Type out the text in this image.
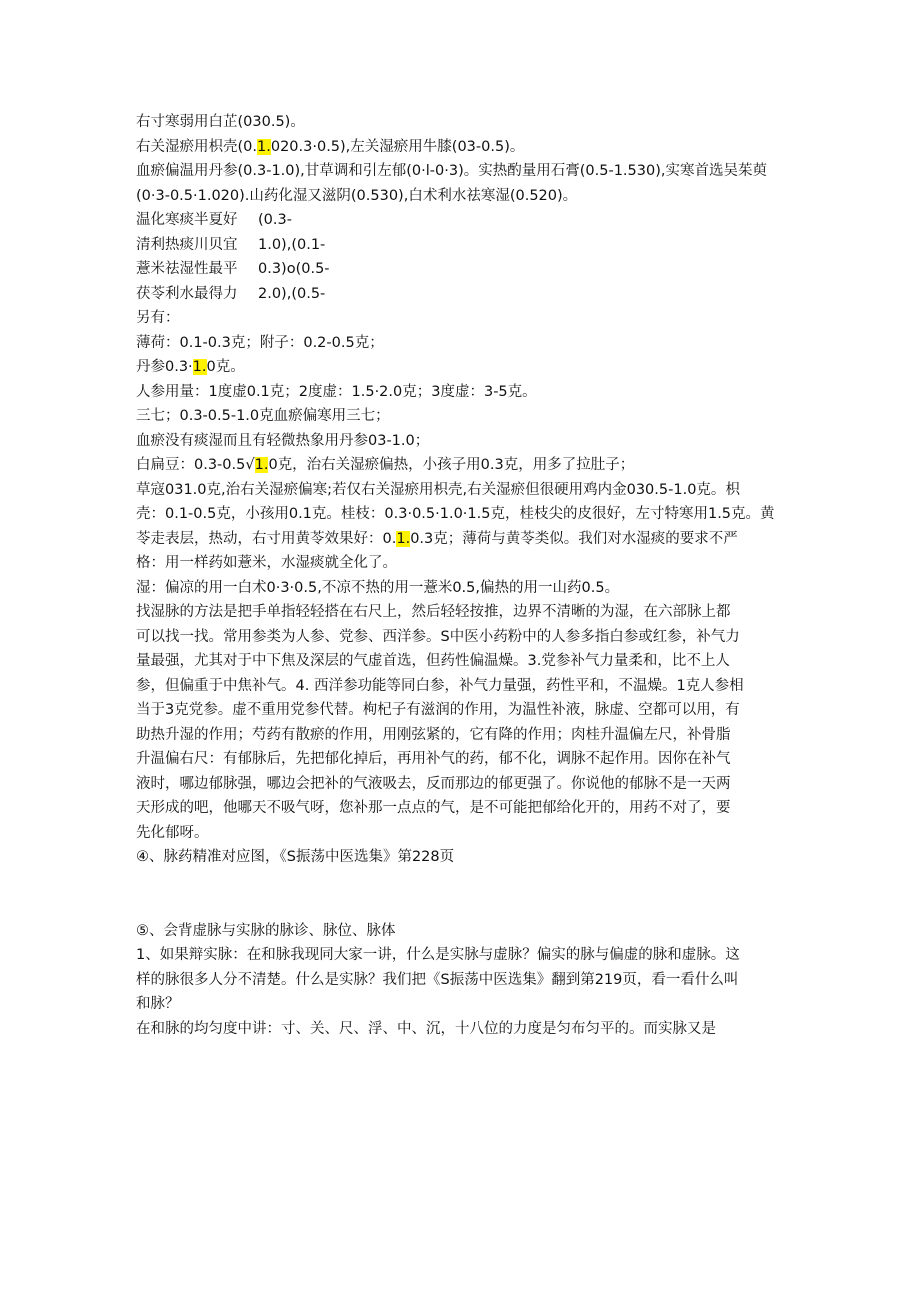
右寸寒弱用白芷(030.5)。
右关湿瘀用枳壳(0.1.020.3·0.5),左关湿瘀用牛膝(03-0.5)。
血瘀偏温用丹参(0.3-1.0),甘草调和引左郁(0·l-0·3)。实热酌量用石膏(0.5-1.530),实寒首选吴茱萸
(0·3-0.5·1.020).山药化湿又滋阴(0.530),白术利水祛寒湿(0.520)。
温化寒痰半夏好
清利热痰川贝宜
薏米祛湿性最平
茯苓利水最得力
(0.3-
1.0),(0.1-
0.3)o(0.5-
2.0),(0.5-
另有：
薄荷：0.1-0.3克；附子：0.2-0.5克；
丹参0.3·1.0克。
人参用量：1度虚0.1克；2度虚：1.5·2.0克；3度虚：3-5克。
三七；0.3-0.5-1.0克血瘀偏寒用三七；
血瘀没有痰湿而且有轻微热象用丹参03-1.0；
白扁豆：0.3-0.5√1.0克，治右关湿瘀偏热，小孩子用0.3克，用多了拉肚子；
草寇031.0克,治右关湿瘀偏寒;若仅右关湿瘀用枳壳,右关湿瘀但很硬用鸡内金030.5-1.0克。枳
壳：0.1-0.5克，小孩用0.1克。桂枝：0.3·0.5·1.0·1.5克，桂枝尖的皮很好，左寸特寒用1.5克。黄
苓走表层，热动，右寸用黄苓效果好：0.1.0.3克；薄荷与黄苓类似。我们对水湿痰的要求不严
格：用一样药如薏米，水湿痰就全化了。
湿：偏凉的用一白术0·3·0.5,不凉不热的用一薏米0.5,偏热的用一山药0.5。
找湿脉的方法是把手单指轻轻搭在右尺上，然后轻轻按推，边界不清晰的为湿，在六部脉上都
可以找一找。常用参类为人参、党参、西洋参。S中医小药粉中的人参多指白参或红参，补气力
量最强，尤其对于中下焦及深层的气虚首选，但药性偏温燥。3.党参补气力量柔和，比不上人
参，但偏重于中焦补气。4. 西洋参功能等同白参，补气力量强，药性平和，不温燥。1克人参相
当于3克党参。虚不重用党参代替。枸杞子有滋润的作用，为温性补液，脉虚、空都可以用，有
助热升湿的作用；芍药有散瘀的作用，用刚弦紧的，它有降的作用；肉桂升温偏左尺，补骨脂
升温偏右尺：有郁脉后，先把郁化掉后，再用补气的药，郁不化，调脉不起作用。因你在补气
液时，哪边郁脉强，哪边会把补的气液吸去，反而那边的郁更强了。你说他的郁脉不是一天两
天形成的吧，他哪天不吸气呀，您补那一点点的气，是不可能把郁给化开的，用药不对了，要
先化郁呀。
④、脉药精准对应图，《S振荡中医选集》第228页
⑤、会背虚脉与实脉的脉诊、脉位、脉体
1、如果辩实脉：在和脉我现同大家一讲，什么是实脉与虚脉？偏实的脉与偏虚的脉和虚脉。这
样的脉很多人分不清楚。什么是实脉？我们把《S振荡中医选集》翻到第219页，看一看什么叫
和脉？
在和脉的均匀度中讲：寸、关、尺、浮、中、沉，十八位的力度是匀布匀平的。而实脉又是
